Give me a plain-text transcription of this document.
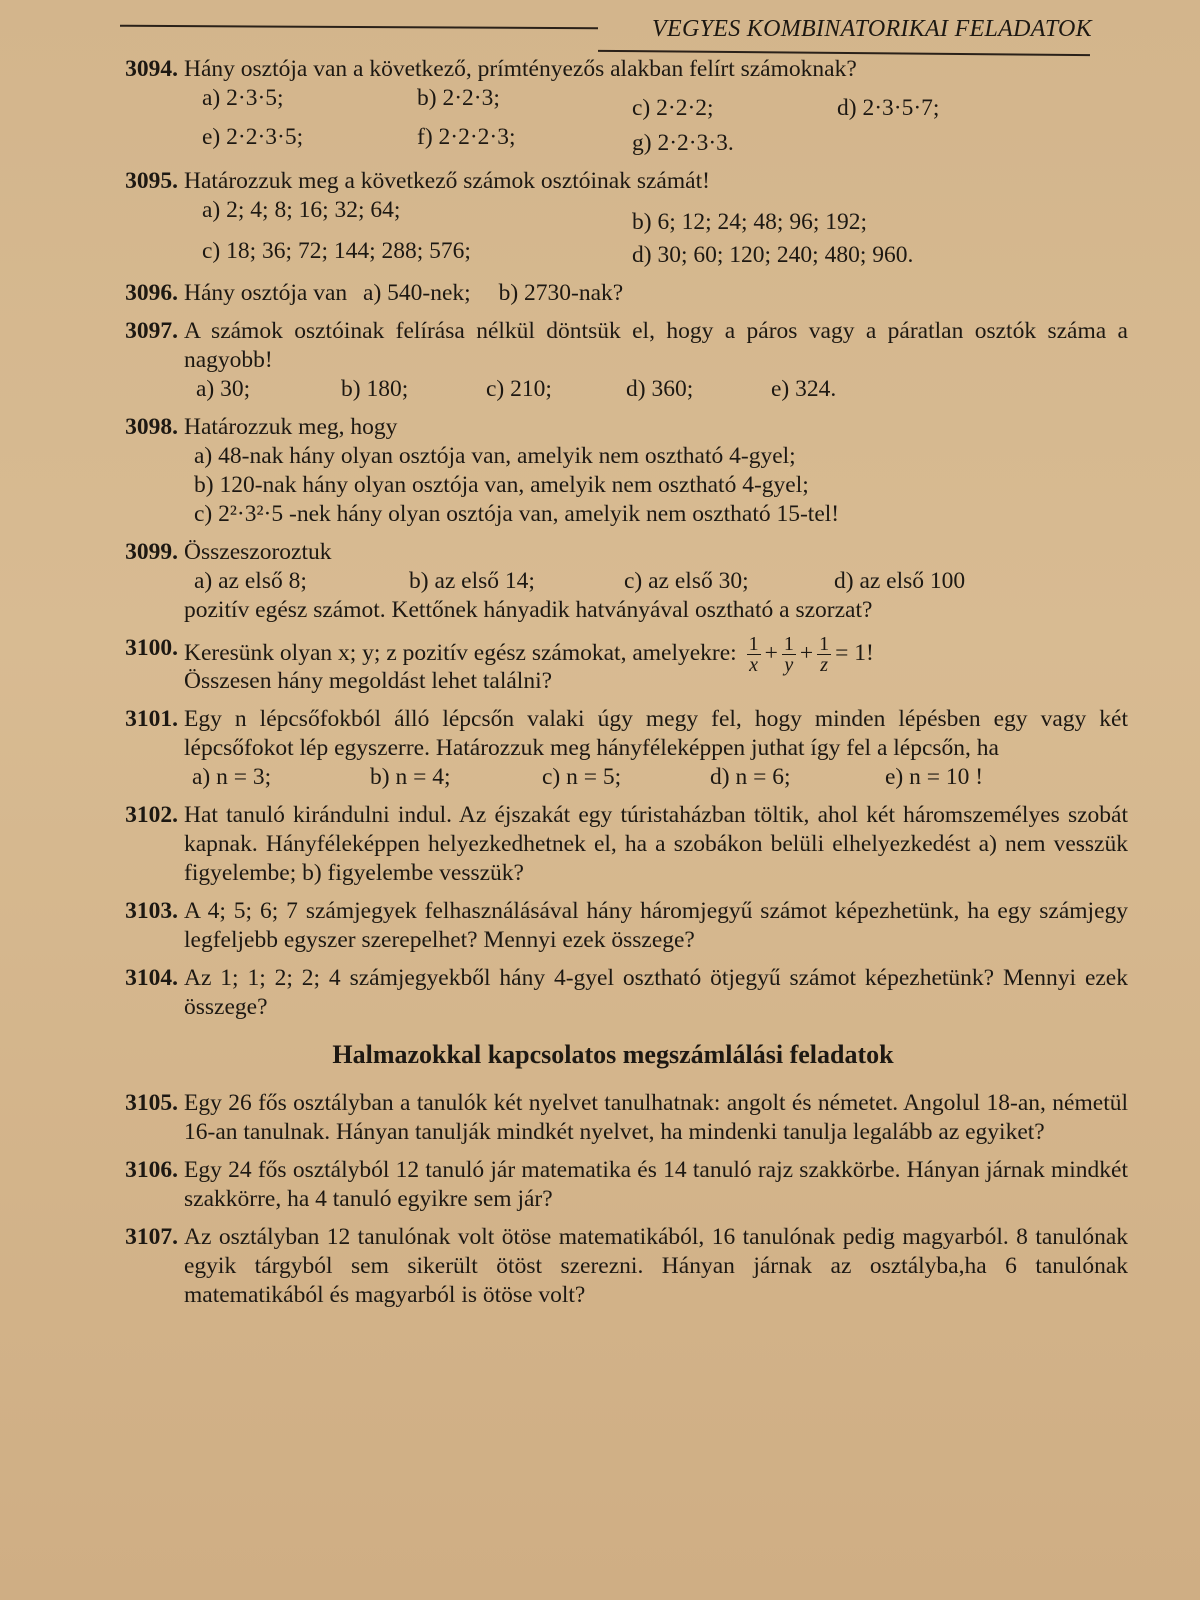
VEGYES KOMBINATORIKAI FELADATOK
3094. Hány osztója van a következő, prímtényezős alakban felírt számoknak?
a) 2·3·5;	b) 2·2·3;	c) 2·2·2;	d) 2·3·5·7;
e) 2·2·3·5;	f) 2·2·2·3;	g) 2·2·3·3.
3095. Határozzuk meg a következő számok osztóinak számát!
a) 2; 4; 8; 16; 32; 64;	b) 6; 12; 24; 48; 96; 192;
c) 18; 36; 72; 144; 288; 576;	d) 30; 60; 120; 240; 480; 960.
3096. Hány osztója van a) 540-nek; b) 2730-nak?
3097. A számok osztóinak felírása nélkül döntsük el, hogy a páros vagy a páratlan osztók száma a nagyobb!
a) 30;	b) 180;	c) 210;	d) 360;	e) 324.
3098. Határozzuk meg, hogy
a) 48-nak hány olyan osztója van, amelyik nem osztható 4-gyel;
b) 120-nak hány olyan osztója van, amelyik nem osztható 4-gyel;
c) 2²·3²·5 -nek hány olyan osztója van, amelyik nem osztható 15-tel!
3099. Összeszoroztuk
a) az első 8;	b) az első 14;	c) az első 30;	d) az első 100
pozitív egész számot. Kettőnek hányadik hatványával osztható a szorzat?
3100. Keresünk olyan x; y; z pozitív egész számokat, amelyekre: $\frac{1}{x} + \frac{1}{y} + \frac{1}{z} = 1$!
Összesen hány megoldást lehet találni?
3101. Egy n lépcsőfokból álló lépcsőn valaki úgy megy fel, hogy minden lépésben egy vagy két lépcsőfokot lép egyszerre. Határozzuk meg hányféleképpen juthat így fel a lépcsőn, ha
a) n = 3;	b) n = 4;	c) n = 5;	d) n = 6;	e) n = 10 !
3102. Hat tanuló kirándulni indul. Az éjszakát egy túristaházban töltik, ahol két háromszemélyes szobát kapnak. Hányféleképpen helyezkedhetnek el, ha a szobákon belüli elhelyezkedést a) nem vesszük figyelembe; b) figyelembe vesszük?
3103. A 4; 5; 6; 7 számjegyek felhasználásával hány háromjegyű számot képezhetünk, ha egy számjegy legfeljebb egyszer szerepelhet? Mennyi ezek összege?
3104. Az 1; 1; 2; 2; 4 számjegyekből hány 4-gyel osztható ötjegyű számot képezhetünk? Mennyi ezek összege?
Halmazokkal kapcsolatos megszámlálási feladatok
3105. Egy 26 fős osztályban a tanulók két nyelvet tanulhatnak: angolt és németet. Angolul 18-an, németül 16-an tanulnak. Hányan tanulják mindkét nyelvet, ha mindenki tanulja legalább az egyiket?
3106. Egy 24 fős osztályból 12 tanuló jár matematika és 14 tanuló rajz szakkörbe. Hányan járnak mindkét szakkörre, ha 4 tanuló egyikre sem jár?
3107. Az osztályban 12 tanulónak volt ötöse matematikából, 16 tanulónak pedig magyarból. 8 tanulónak egyik tárgyból sem sikerült ötöst szerezni. Hányan járnak az osztályba,ha 6 tanulónak matematikából és magyarból is ötöse volt?
